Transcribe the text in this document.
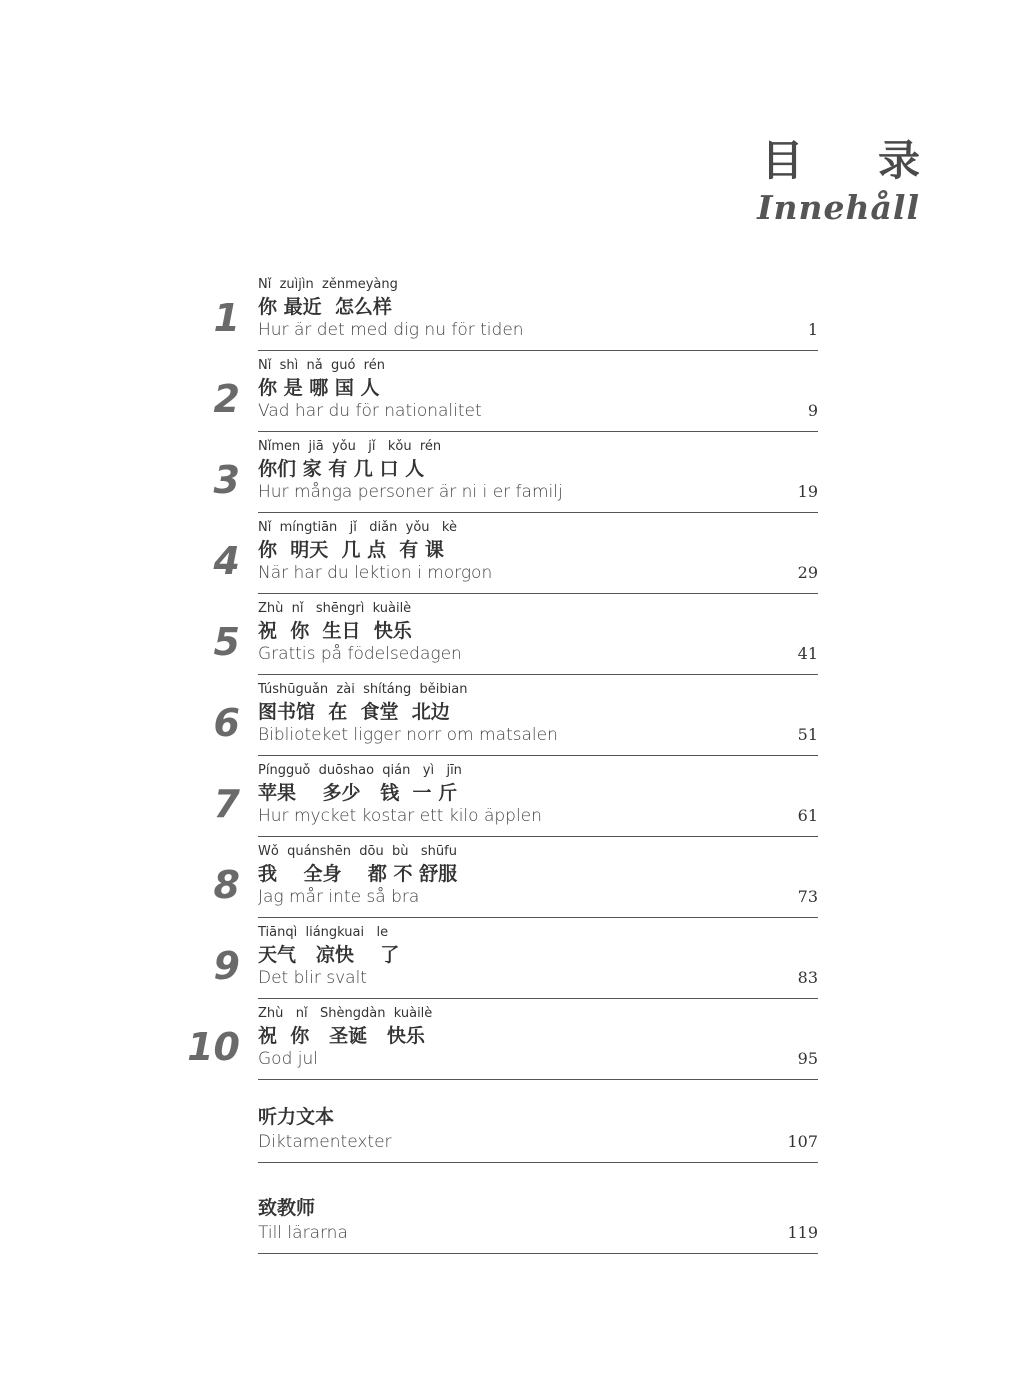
目 录
Innehåll
1
Nǐ  zuìjìn  zěnmeyàng
你 最近  怎么样
Hur är det med dig nu för tiden	1
2
Nǐ  shì  nǎ  guó  rén
你 是 哪 国 人
Vad har du för nationalitet	9
3
Nǐmen  jiā  yǒu   jǐ   kǒu  rén
你们 家 有 几 口 人
Hur många personer är ni i er familj	19
4
Nǐ  míngtiān   jǐ   diǎn  yǒu   kè
你  明天  几 点  有 课
När har du lektion i morgon	29
5
Zhù  nǐ   shēngrì  kuàilè
祝  你  生日  快乐
Grattis på födelsedagen	41
6
Túshūguǎn  zài  shítáng  běibian
图书馆  在  食堂  北边
Biblioteket ligger norr om matsalen	51
7
Píngguǒ  duōshao  qián   yì   jīn
苹果    多少   钱  一 斤
Hur mycket kostar ett kilo äpplen	61
8
Wǒ  quánshēn  dōu  bù   shūfu
我    全身    都 不 舒服
Jag mår inte så bra	73
9
Tiānqì  liángkuai   le
天气   凉快    了
Det blir svalt	83
10
Zhù   nǐ   Shèngdàn  kuàilè
祝  你   圣诞   快乐
God jul	95
听力文本
Diktamentexter	107
致教师
Till lärarna	119
